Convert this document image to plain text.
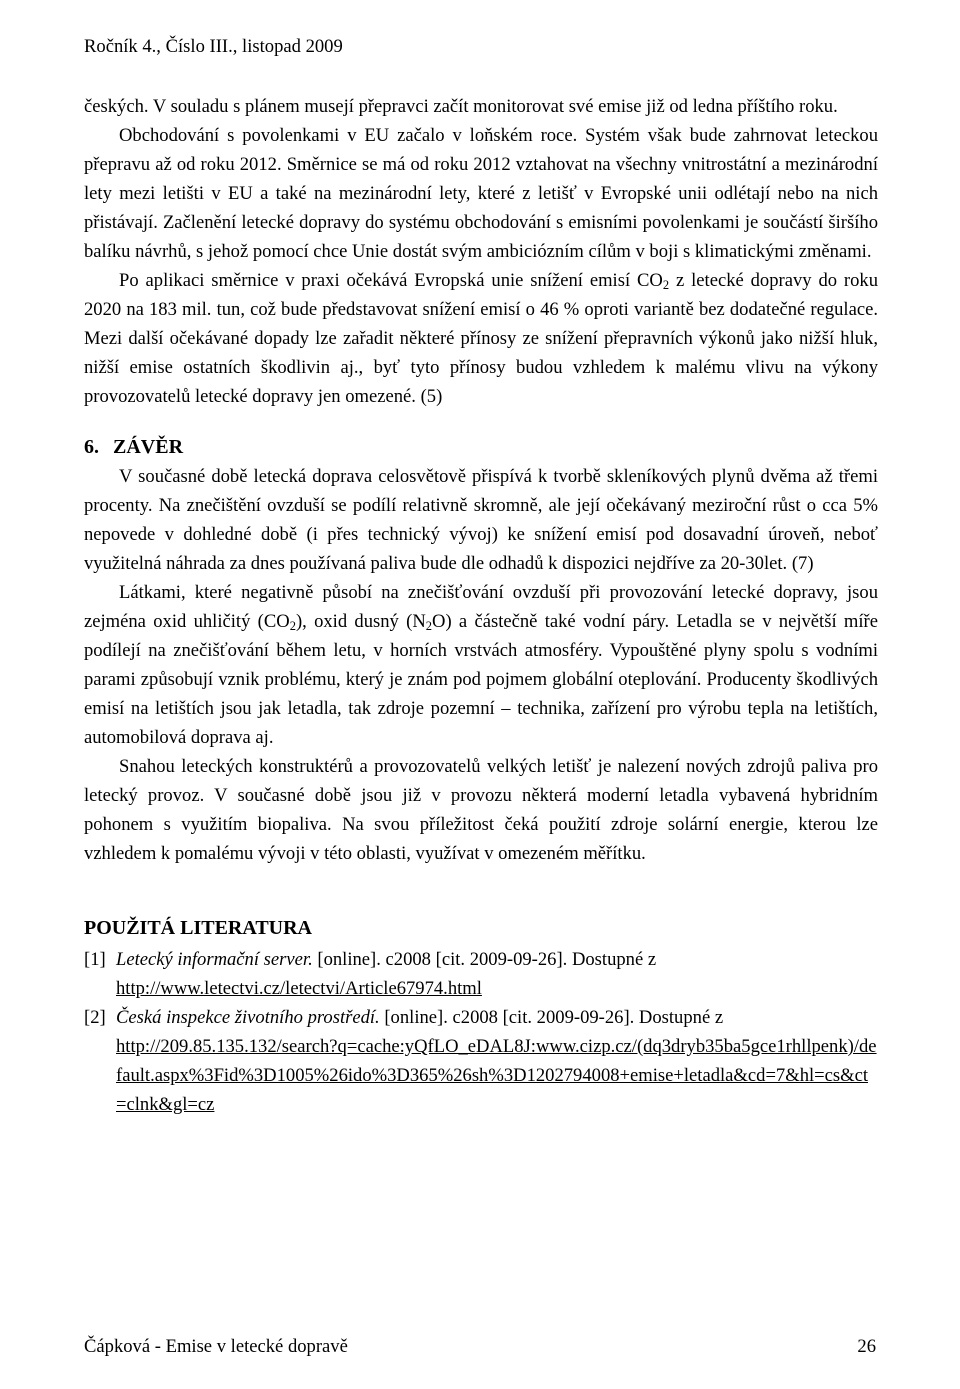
Ročník 4., Číslo III., listopad 2009

českých. V souladu s plánem musejí přepravci začít monitorovat své emise již od ledna příštího roku.

Obchodování s povolenkami v EU začalo v loňském roce. Systém však bude zahrnovat leteckou přepravu až od roku 2012. Směrnice se má od roku 2012 vztahovat na všechny vnitrostátní a mezinárodní lety mezi letišti v EU a také na mezinárodní lety, které z letišť v Evropské unii odlétají nebo na nich přistávají. Začlenění letecké dopravy do systému obchodování s emisními povolenkami je součástí širšího balíku návrhů, s jehož pomocí chce Unie dostát svým ambiciózním cílům v boji s klimatickými změnami.

Po aplikaci směrnice v praxi očekává Evropská unie snížení emisí $CO_2$ z letecké dopravy do roku 2020 na 183 mil. tun, což bude představovat snížení emisí o 46 % oproti variantě bez dodatečné regulace. Mezi další očekávané dopady lze zařadit některé přínosy ze snížení přepravních výkonů jako nižší hluk, nižší emise ostatních škodlivin aj., byť tyto přínosy budou vzhledem k malému vlivu na výkony provozovatelů letecké dopravy jen omezené. (5)

6. ZÁVĚR

V současné době letecká doprava celosvětově přispívá k tvorbě skleníkových plynů dvěma až třemi procenty. Na znečištění ovzduší se podílí relativně skromně, ale její očekávaný meziroční růst o cca 5% nepovede v dohledné době (i přes technický vývoj) ke snížení emisí pod dosavadní úroveň, neboť využitelná náhrada za dnes používaná paliva bude dle odhadů k dispozici nejdříve za 20-30let. (7)

Látkami, které negativně působí na znečišťování ovzduší při provozování letecké dopravy, jsou zejména oxid uhličitý $(CO_2)$, oxid dusný $(N_2O)$ a částečně také vodní páry. Letadla se v největší míře podílejí na znečišťování během letu, v horních vrstvách atmosféry. Vypouštěné plyny spolu s vodními parami způsobují vznik problému, který je znám pod pojmem globální oteplování. Producenty škodlivých emisí na letištích jsou jak letadla, tak zdroje pozemní – technika, zařízení pro výrobu tepla na letištích, automobilová doprava aj.

Snahou leteckých konstruktérů a provozovatelů velkých letišť je nalezení nových zdrojů paliva pro letecký provoz. V současné době jsou již v provozu některá moderní letadla vybavená hybridním pohonem s využitím biopaliva. Na svou příležitost čeká použití zdroje solární energie, kterou lze vzhledem k pomalému vývoji v této oblasti, využívat v omezeném měřítku.

POUŽITÁ LITERATURA
[1] Letecký informační server. [online]. c2008 [cit. 2009-09-26]. Dostupné z
http://www.letectvi.cz/letectvi/Article67974.html
[2] Česká inspekce životního prostředí. [online]. c2008 [cit. 2009-09-26]. Dostupné z
http://209.85.135.132/search?q=cache:yQfLO_eDAL8J:www.cizp.cz/(dq3dryb35ba5gce1rhllpenk)/default.aspx%3Fid%3D1005%26ido%3D365%26sh%3D1202794008+emise+letadla&cd=7&hl=cs&ct=clnk&gl=cz
Čápková - Emise v letecké dopravě	26
